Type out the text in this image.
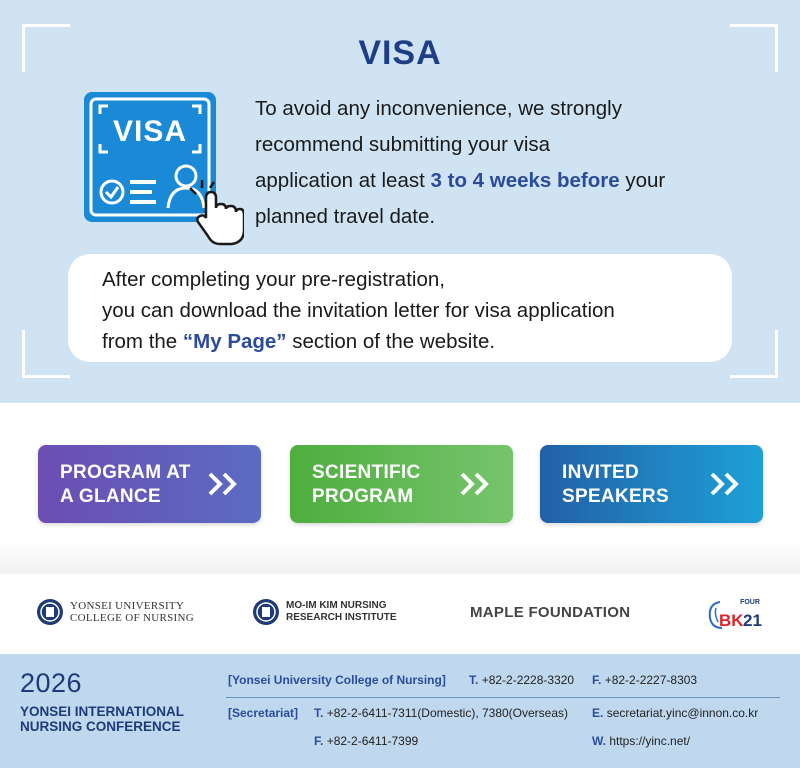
VISA
VISA
To avoid any inconvenience, we strongly
recommend submitting your visa
application at least 3 to 4 weeks before your
planned travel date.
After completing your pre-registration,
you can download the invitation letter for visa application
from the “My Page” section of the website.
PROGRAM AT
A GLANCE
SCIENTIFIC
PROGRAM
INVITED
SPEAKERS
YONSEI UNIVERSITY
COLLEGE OF NURSING
MO-IM KIM NURSING
RESEARCH INSTITUTE	MAPLE FOUNDATION
FOUR
BK 21
2026
YONSEI INTERNATIONAL
NURSING CONFERENCE
[Yonsei University College of Nursing] T. +82-2-2228-3320 F. +82-2-2227-8303
[Secretariat] T. +82-2-6411-7311(Domestic), 7380(Overseas) E. secretariat.yinc@innon.co.kr
F. +82-2-6411-7399	W. https://yinc.net/
